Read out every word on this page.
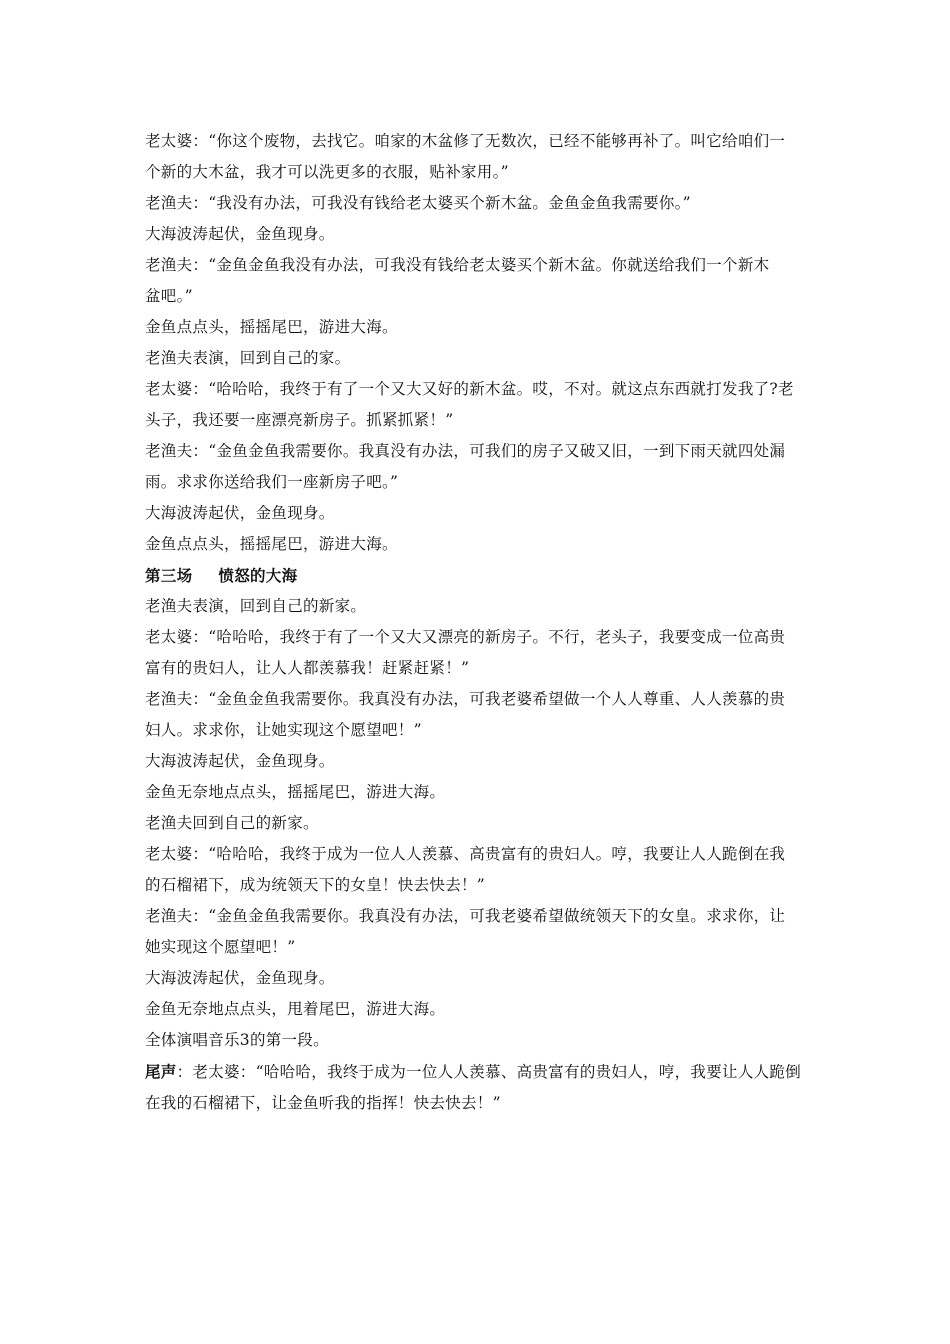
老太婆：“你这个废物，去找它。咱家的木盆修了无数次，已经不能够再补了。叫它给咱们一

个新的大木盆，我才可以洗更多的衣服，贴补家用。”

老渔夫：“我没有办法，可我没有钱给老太婆买个新木盆。金鱼金鱼我需要你。”

大海波涛起伏，金鱼现身。

老渔夫：“金鱼金鱼我没有办法，可我没有钱给老太婆买个新木盆。你就送给我们一个新木

盆吧。”

金鱼点点头，摇摇尾巴，游进大海。

老渔夫表演，回到自己的家。

老太婆：“哈哈哈，我终于有了一个又大又好的新木盆。哎，不对。就这点东西就打发我了?老

头子，我还要一座漂亮新房子。抓紧抓紧！”

老渔夫：“金鱼金鱼我需要你。我真没有办法，可我们的房子又破又旧，一到下雨天就四处漏

雨。求求你送给我们一座新房子吧。”

大海波涛起伏，金鱼现身。

金鱼点点头，摇摇尾巴，游进大海。

第三场 愤怒的大海

老渔夫表演，回到自己的新家。

老太婆：“哈哈哈，我终于有了一个又大又漂亮的新房子。不行，老头子，我要变成一位高贵

富有的贵妇人，让人人都羡慕我！赶紧赶紧！”

老渔夫：“金鱼金鱼我需要你。我真没有办法，可我老婆希望做一个人人尊重、人人羡慕的贵

妇人。求求你，让她实现这个愿望吧！”

大海波涛起伏，金鱼现身。

金鱼无奈地点点头，摇摇尾巴，游进大海。

老渔夫回到自己的新家。

老太婆：“哈哈哈，我终于成为一位人人羡慕、高贵富有的贵妇人。哼，我要让人人跪倒在我

的石榴裙下，成为统领天下的女皇！快去快去！”

老渔夫：“金鱼金鱼我需要你。我真没有办法，可我老婆希望做统领天下的女皇。求求你，让

她实现这个愿望吧！”

大海波涛起伏，金鱼现身。

金鱼无奈地点点头，甩着尾巴，游进大海。

全体演唱音乐3的第一段。

尾声：老太婆：“哈哈哈，我终于成为一位人人羡慕、高贵富有的贵妇人，哼，我要让人人跪倒

在我的石榴裙下，让金鱼听我的指挥！快去快去！”
